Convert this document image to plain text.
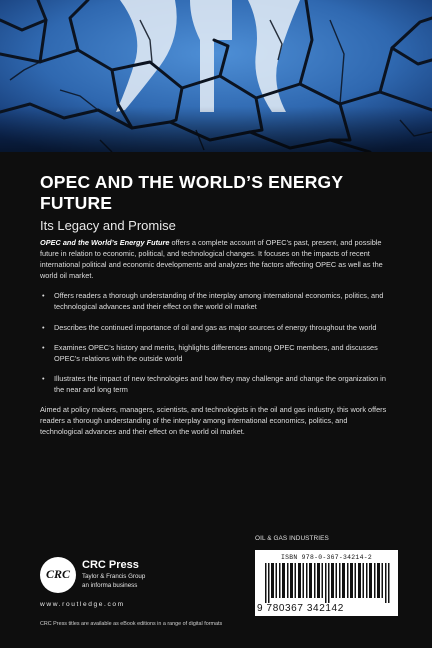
OPEC AND THE WORLD’S ENERGY FUTURE
Its Legacy and Promise

OPEC and the World’s Energy Future offers a complete account of OPEC’s past, present, and possible future in relation to economic, political, and technological changes. It focuses on the impacts of recent international political and economic developments and analyzes the factors affecting OPEC as well as the world oil market.

• Offers readers a thorough understanding of the interplay among international economics, politics, and technological advances and their effect on the world oil market
• Describes the continued importance of oil and gas as major sources of energy throughout the world
• Examines OPEC’s history and merits, highlights differences among OPEC members, and discusses OPEC’s relations with the outside world
• Illustrates the impact of new technologies and how they may challenge and change the organization in the near and long term

Aimed at policy makers, managers, scientists, and technologists in the oil and gas industry, this work offers readers a thorough understanding of the interplay among international economics, politics, and technological advances and their effect on the world oil market.

OIL & GAS INDUSTRIES
ISBN 978-0-367-34214-2
9 780367 342142
CRC
CRC Press
Taylor & Francis Group
an informa business
www.routledge.com
CRC Press titles are available as eBook editions in a range of digital formats
